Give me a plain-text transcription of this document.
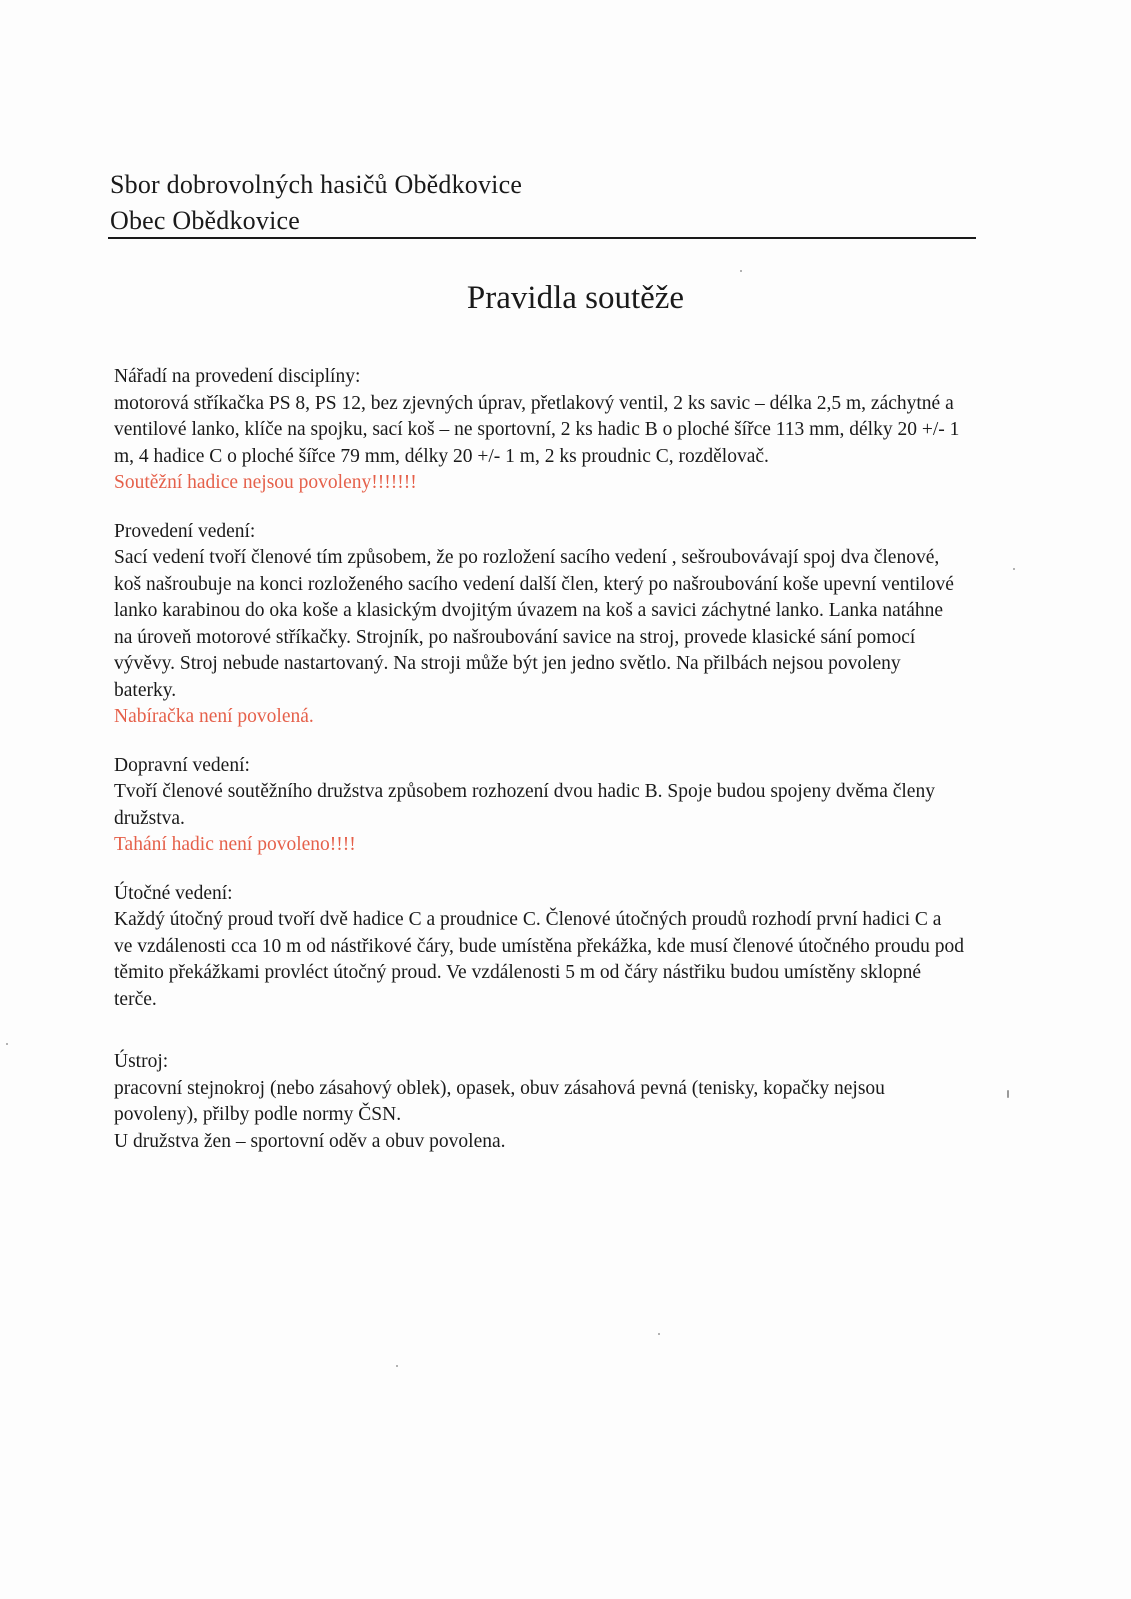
Sbor dobrovolných hasičů Obědkovice
Obec Obědkovice
Pravidla soutěže
Nářadí na provedení disciplíny:
motorová stříkačka PS 8, PS 12, bez zjevných úprav, přetlakový ventil, 2 ks savic – délka 2,5 m, záchytné a ventilové lanko, klíče na spojku, sací koš – ne sportovní, 2 ks hadic B o ploché šířce 113 mm, délky 20 +/- 1 m, 4 hadice C o ploché šířce 79 mm, délky 20 +/- 1 m, 2 ks proudnic C, rozdělovač.
Soutěžní hadice nejsou povoleny!!!!!!!
Provedení vedení:
Sací vedení tvoří členové tím způsobem, že po rozložení sacího vedení , sešroubovávají spoj dva členové, koš našroubuje na konci rozloženého sacího vedení další člen, který po našroubování koše upevní ventilové lanko karabinou do oka koše a klasickým dvojitým úvazem na koš a savici záchytné lanko. Lanka natáhne na úroveň motorové stříkačky. Strojník, po našroubování savice na stroj, provede klasické sání pomocí vývěvy. Stroj nebude nastartovaný. Na stroji může být jen jedno světlo. Na přilbách nejsou povoleny baterky.
Nabíračka není povolená.
Dopravní vedení:
Tvoří členové soutěžního družstva způsobem rozhození dvou hadic B. Spoje budou spojeny dvěma členy družstva.
Tahání hadic není povoleno!!!!
Útočné vedení:
Každý útočný proud tvoří dvě hadice C a proudnice C. Členové útočných proudů rozhodí první hadici C a ve vzdálenosti cca 10 m od nástřikové čáry, bude umístěna překážka, kde musí členové útočného proudu pod těmito překážkami provléct útočný proud. Ve vzdálenosti 5 m od čáry nástřiku budou umístěny sklopné terče.
Ústroj:
pracovní stejnokroj (nebo zásahový oblek), opasek, obuv zásahová pevná (tenisky, kopačky nejsou povoleny), přilby podle normy ČSN.
U družstva žen – sportovní oděv a obuv povolena.
